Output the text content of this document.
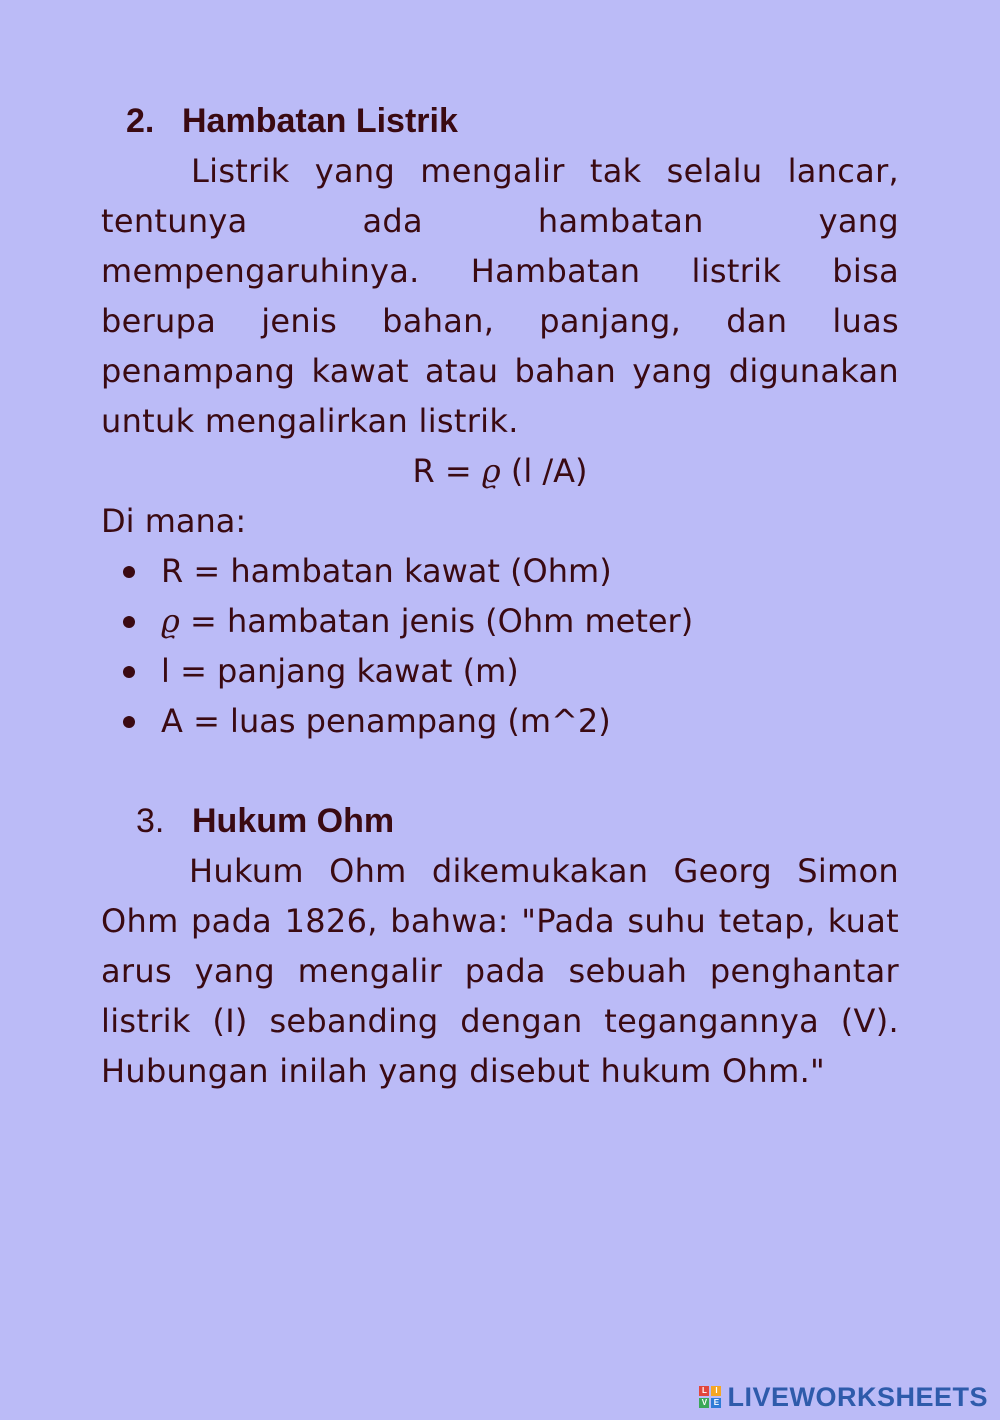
2. Hambatan Listrik

Listrik yang mengalir tak selalu lancar, tentunya ada hambatan yang mempengaruhinya. Hambatan listrik bisa berupa jenis bahan, panjang, dan luas penampang kawat atau bahan yang digunakan untuk mengalirkan listrik.

R = ϱ (l /A)

Di mana:

R = hambatan kawat (Ohm)
ϱ = hambatan jenis (Ohm meter)
l = panjang kawat (m)
A = luas penampang (m^2)
3. Hukum Ohm

Hukum Ohm dikemukakan Georg Simon Ohm pada 1826, bahwa: "Pada suhu tetap, kuat arus yang mengalir pada sebuah penghantar listrik (I) sebanding dengan tegangannya (V). Hubungan inilah yang disebut hukum Ohm."

L	I
V E LIVEWORKSHEETS
